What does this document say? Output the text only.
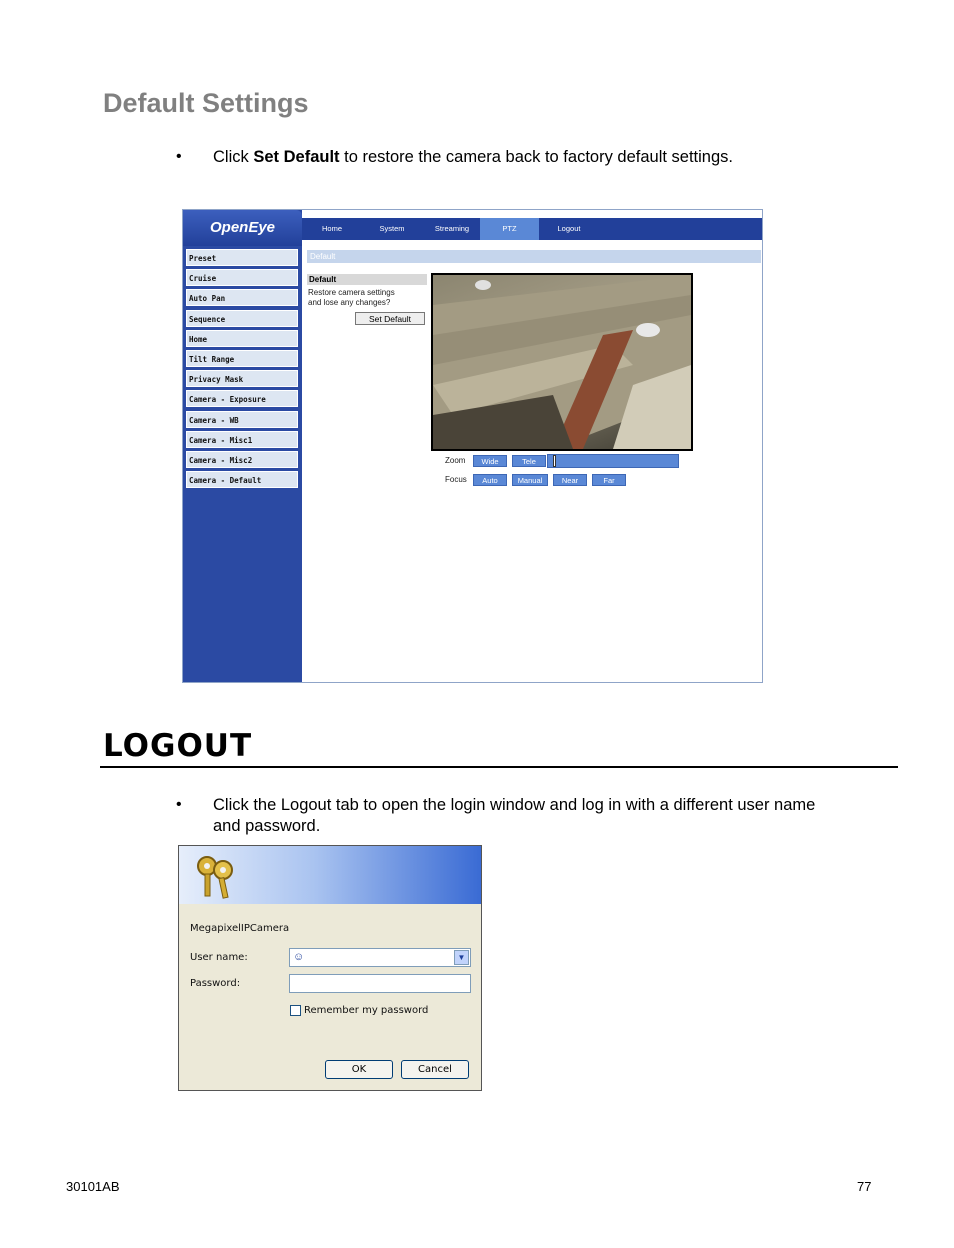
Default Settings
• Click Set Default to restore the camera back to factory default settings.
OpenEye	Home	System	Streaming	PTZ	Logout
Preset
Cruise
Auto Pan
Sequence
Home
Tilt Range
Privacy Mask
Camera - Exposure
Camera - WB
Camera - Misc1
Camera - Misc2
Camera - Default
Default
Default
Restore camera settings
and lose any changes?
Set Default
Zoom	Wide	Tele
Focus	Auto	Manual	Near	Far
LOGOUT
• Click the Logout tab to open the login window and log in with a different user name
and password.
MegapixelIPCamera
User name:	☺	▼
Password:
Remember my password
OK	Cancel
30101AB	77
